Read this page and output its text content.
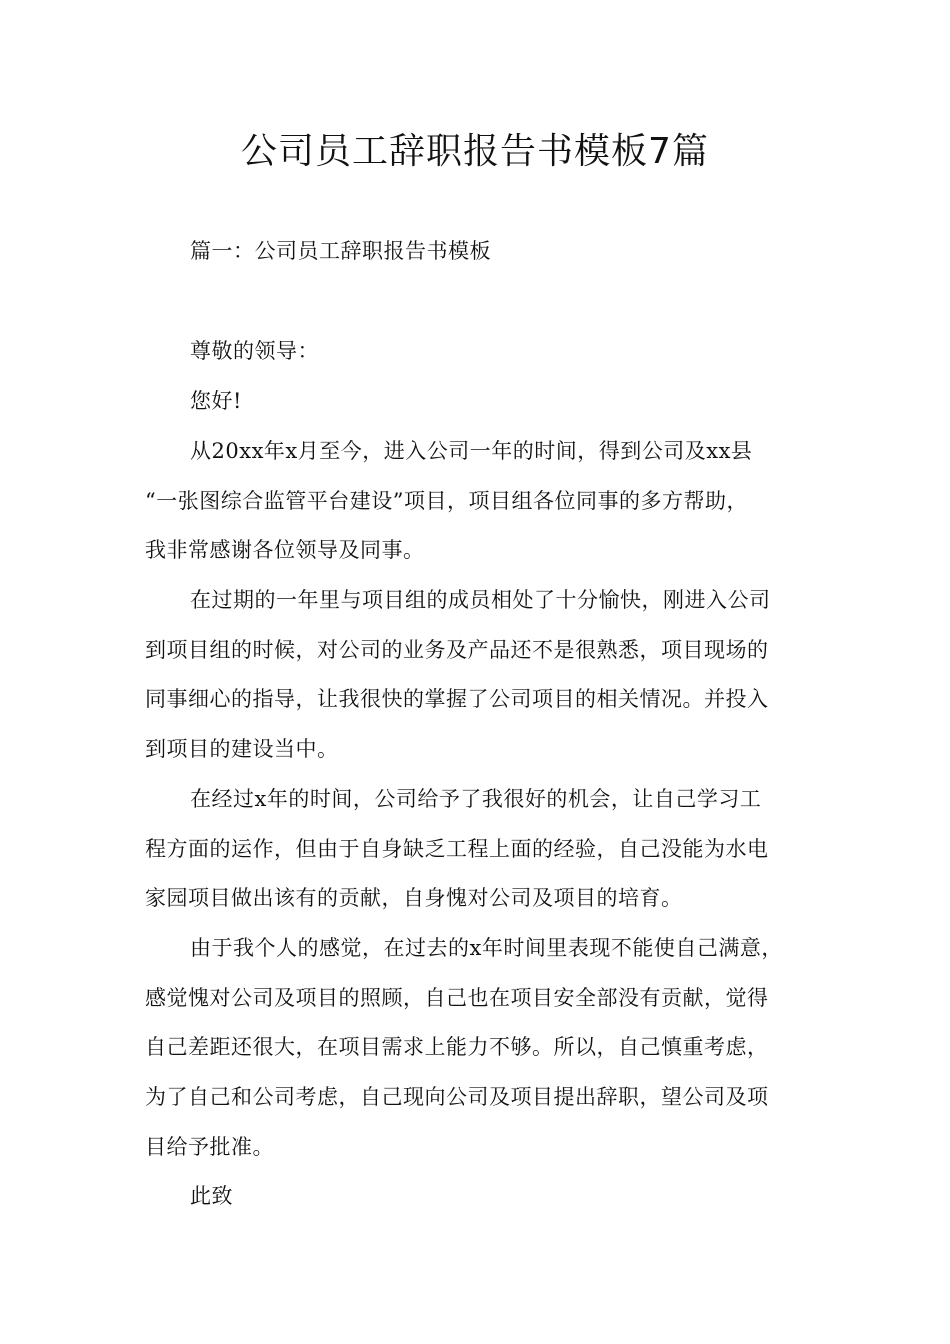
公司员工辞职报告书模板7篇
篇一：公司员工辞职报告书模板
尊敬的领导：
您好!
从20xx年x月至今，进入公司一年的时间，得到公司及xx县
“一张图综合监管平台建设”项目，项目组各位同事的多方帮助，
我非常感谢各位领导及同事。
在过期的一年里与项目组的成员相处了十分愉快，刚进入公司
到项目组的时候，对公司的业务及产品还不是很熟悉，项目现场的
同事细心的指导，让我很快的掌握了公司项目的相关情况。并投入
到项目的建设当中。
在经过x年的时间，公司给予了我很好的机会，让自己学习工
程方面的运作，但由于自身缺乏工程上面的经验，自己没能为水电
家园项目做出该有的贡献，自身愧对公司及项目的培育。
由于我个人的感觉，在过去的x年时间里表现不能使自己满意，
感觉愧对公司及项目的照顾，自己也在项目安全部没有贡献，觉得
自己差距还很大，在项目需求上能力不够。所以，自己慎重考虑，
为了自己和公司考虑，自己现向公司及项目提出辞职，望公司及项
目给予批准。
此致
